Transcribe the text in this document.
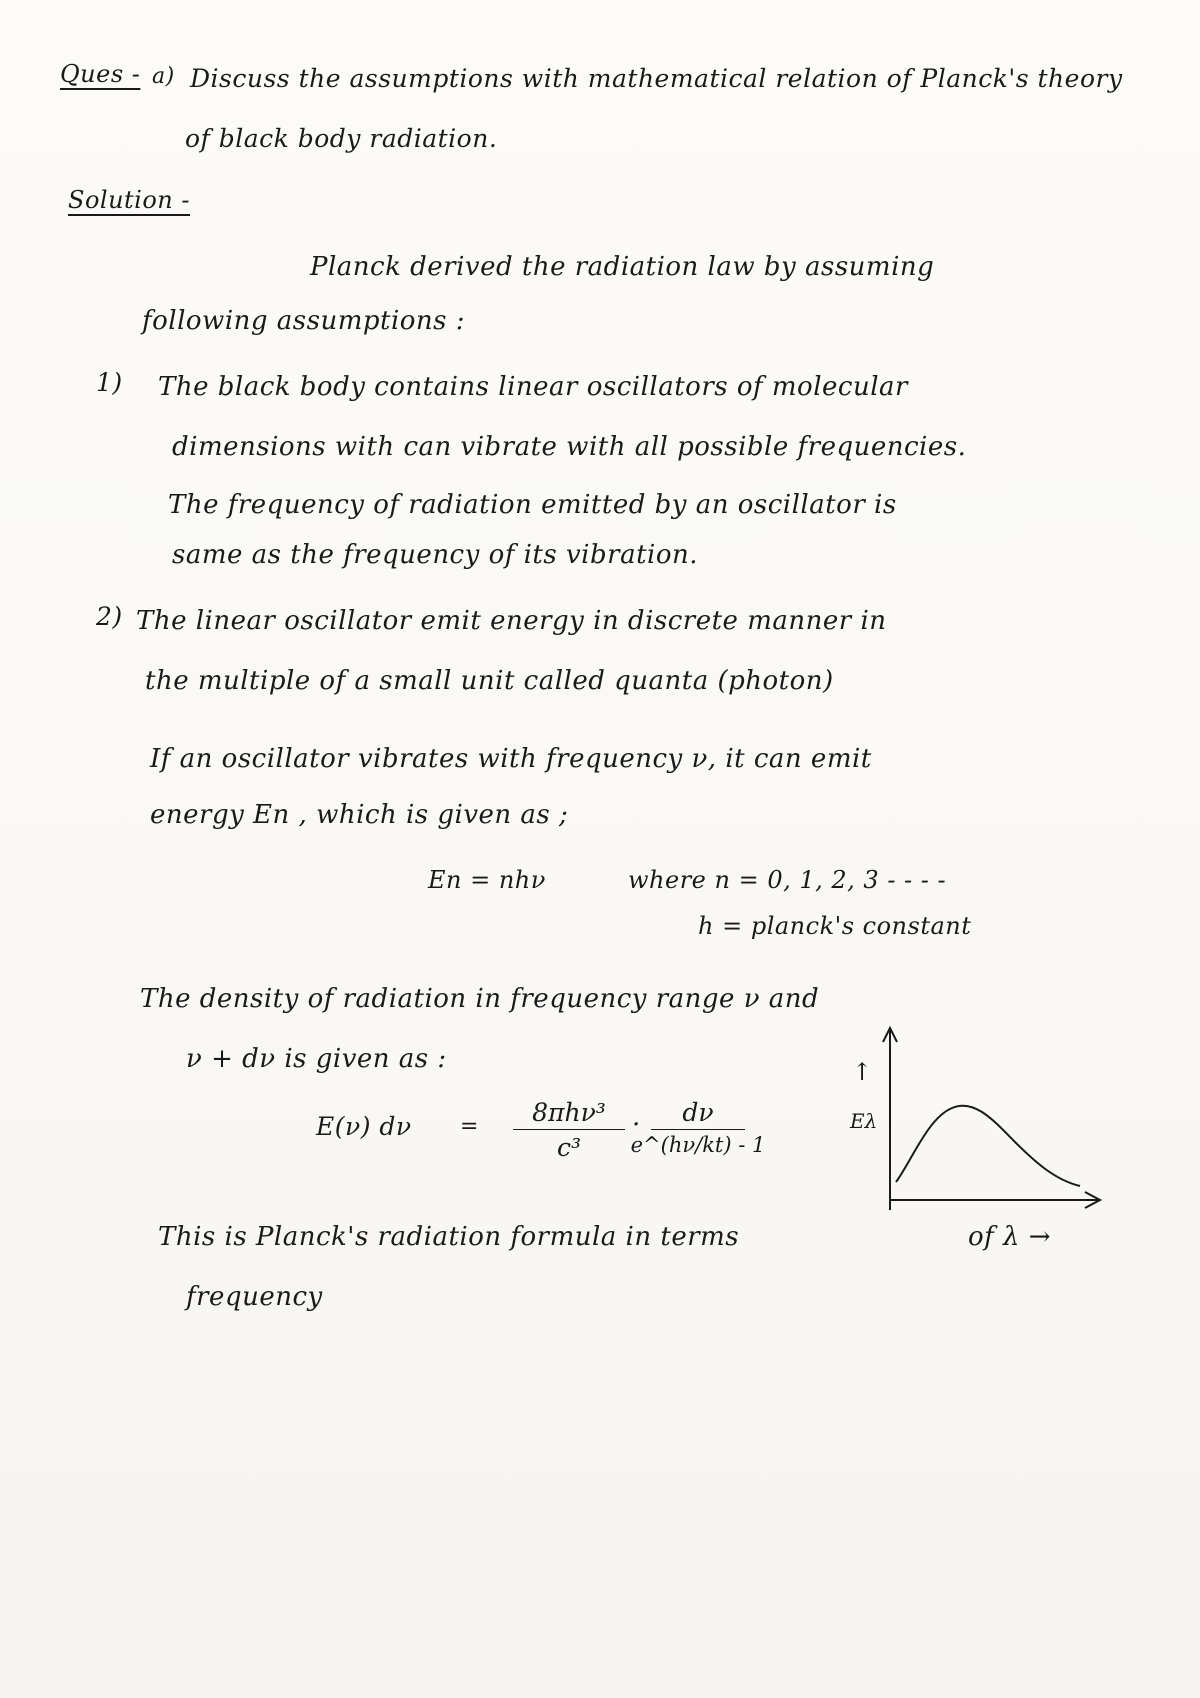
Ques - a) Discuss the assumptions with mathematical relation of Planck's theory
of black body radiation.
Solution -
Planck derived the radiation law by assuming
following assumptions :
1) The black body contains linear oscillators of molecular
dimensions with can vibrate with all possible frequencies.
The frequency of radiation emitted by an oscillator is
same as the frequency of its vibration.
2) The linear oscillator emit energy in discrete manner in
the multiple of a small unit called quanta (photon)
If an oscillator vibrates with frequency ν, it can emit
energy En , which is given as ;
En = nhν	where n = 0, 1, 2, 3 - - - -
h = planck's constant
The density of radiation in frequency range ν and
ν + dν is given as :
E(ν) dν = 8πhν³
c³
. dν
e^(hν/kt) - 1
↑
Eλ
This is Planck's radiation formula in terms	of λ →
frequency
